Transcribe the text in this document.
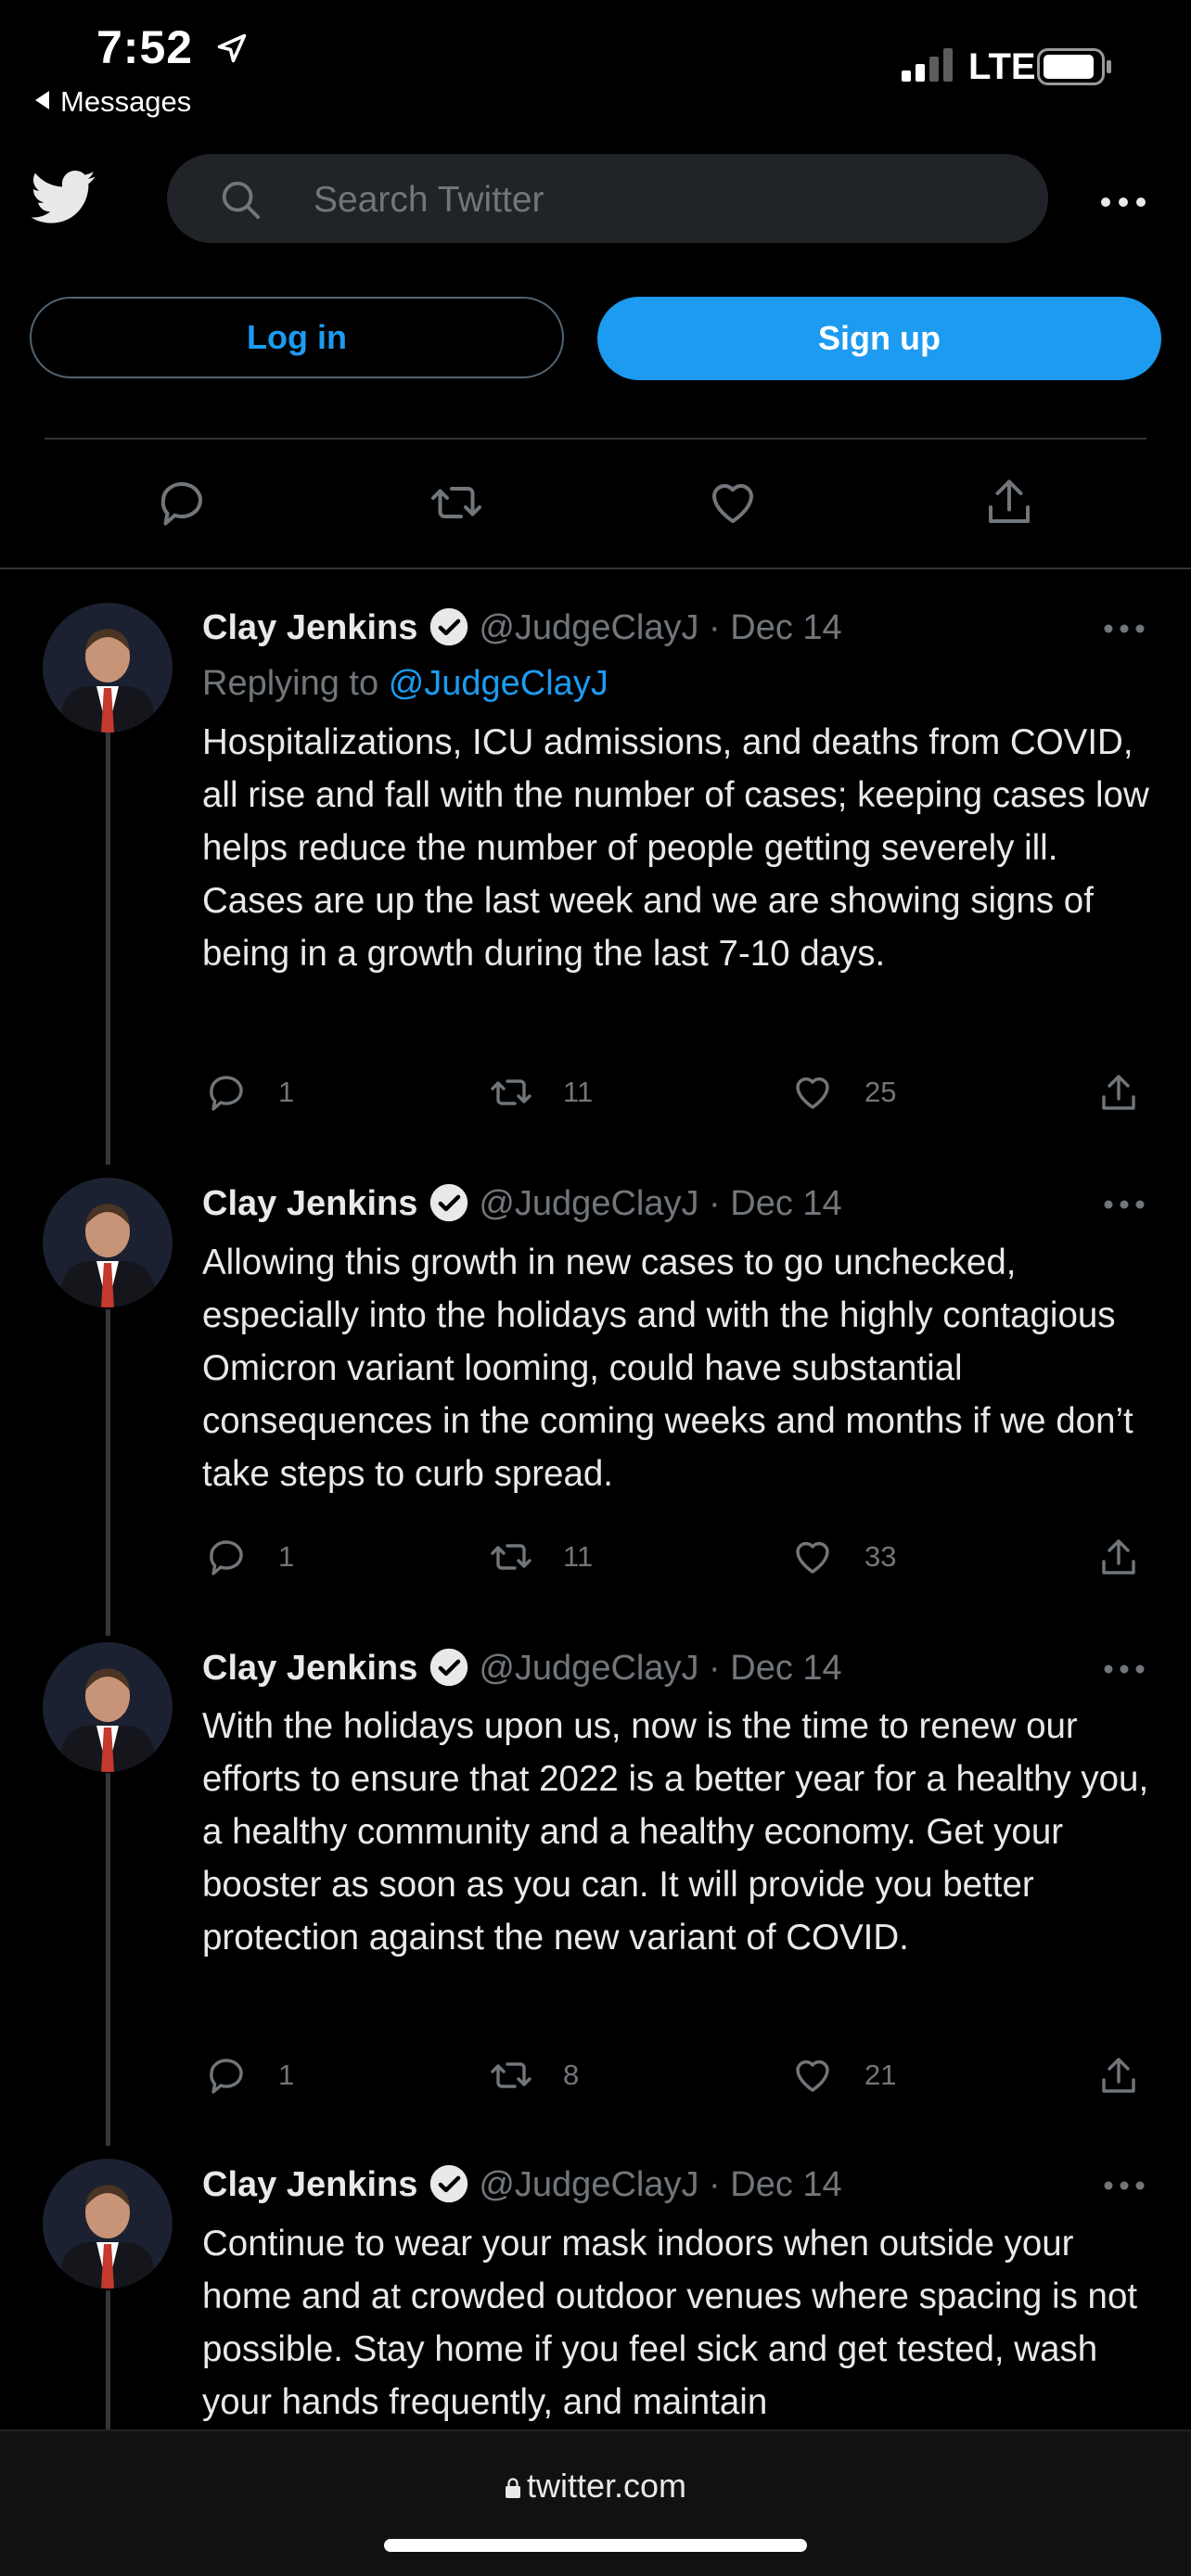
7:52
Messages
LTE
Search Twitter
Log in	Sign up
Clay Jenkins @JudgeClayJ · Dec 14
Replying to @JudgeClayJ
Hospitalizations, ICU admissions, and deaths from COVID, all rise and fall with the number of cases; keeping cases low helps reduce the number of people getting severely ill. Cases are up the last week and we are showing signs of being in a growth during the last 7-10 days.
1	11	25
Clay Jenkins @JudgeClayJ · Dec 14
Allowing this growth in new cases to go unchecked, especially into the holidays and with the highly contagious Omicron variant looming, could have substantial consequences in the coming weeks and months if we don’t take steps to curb spread.
1	11	33
Clay Jenkins @JudgeClayJ · Dec 14
With the holidays upon us, now is the time to renew our efforts to ensure that 2022 is a better year for a healthy you, a healthy community and a healthy economy. Get your booster as soon as you can. It will provide you better protection against the new variant of COVID.
1	8	21
Clay Jenkins @JudgeClayJ · Dec 14
Continue to wear your mask indoors when outside your home and at crowded outdoor venues where spacing is not possible. Stay home if you feel sick and get tested, wash your hands frequently, and maintain
twitter.com
